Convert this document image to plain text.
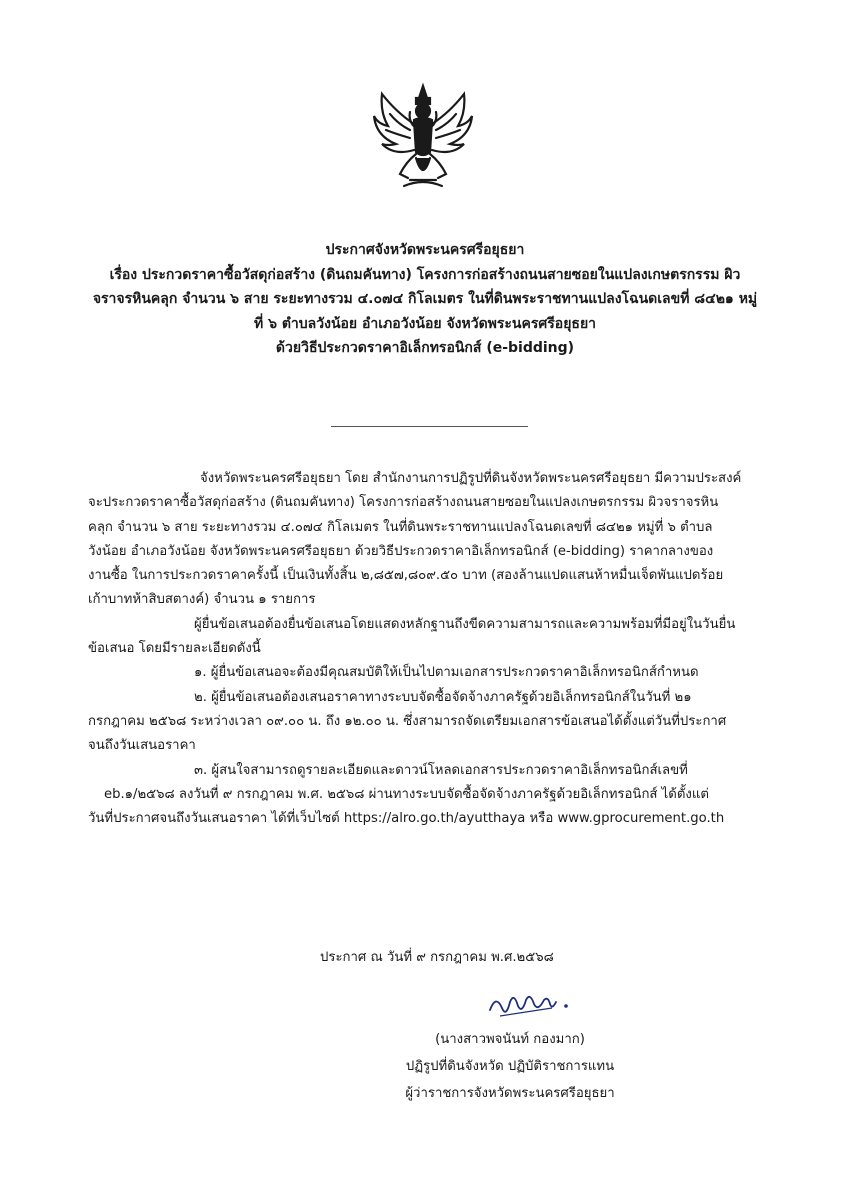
ประกาศจังหวัดพระนครศรีอยุธยา
เรื่อง ประกวดราคาซื้อวัสดุก่อสร้าง (ดินถมคันทาง) โครงการก่อสร้างถนนสายซอยในแปลงเกษตรกรรม ผิว
จราจรหินคลุก จำนวน ๖ สาย ระยะทางรวม ๔.๐๗๔ กิโลเมตร ในที่ดินพระราชทานแปลงโฉนดเลขที่ ๘๔๒๑ หมู่
ที่ ๖ ตำบลวังน้อย อำเภอวังน้อย จังหวัดพระนครศรีอยุธยา
ด้วยวิธีประกวดราคาอิเล็กทรอนิกส์ (e-bidding)
จังหวัดพระนครศรีอยุธยา โดย สำนักงานการปฏิรูปที่ดินจังหวัดพระนครศรีอยุธยา มีความประสงค์
จะประกวดราคาซื้อวัสดุก่อสร้าง (ดินถมคันทาง) โครงการก่อสร้างถนนสายซอยในแปลงเกษตรกรรม ผิวจราจรหิน
คลุก จำนวน ๖ สาย ระยะทางรวม ๔.๐๗๔ กิโลเมตร ในที่ดินพระราชทานแปลงโฉนดเลขที่ ๘๔๒๑ หมู่ที่ ๖ ตำบล
วังน้อย อำเภอวังน้อย จังหวัดพระนครศรีอยุธยา ด้วยวิธีประกวดราคาอิเล็กทรอนิกส์ (e-bidding) ราคากลางของ
งานซื้อ ในการประกวดราคาครั้งนี้ เป็นเงินทั้งสิ้น ๒,๘๕๗,๘๐๙.๕๐ บาท (สองล้านแปดแสนห้าหมื่นเจ็ดพันแปดร้อย
เก้าบาทห้าสิบสตางค์) จำนวน ๑ รายการ
ผู้ยื่นข้อเสนอต้องยื่นข้อเสนอโดยแสดงหลักฐานถึงขีดความสามารถและความพร้อมที่มีอยู่ในวันยื่น
ข้อเสนอ โดยมีรายละเอียดดังนี้
๑. ผู้ยื่นข้อเสนอจะต้องมีคุณสมบัติให้เป็นไปตามเอกสารประกวดราคาอิเล็กทรอนิกส์กำหนด
๒. ผู้ยื่นข้อเสนอต้องเสนอราคาทางระบบจัดซื้อจัดจ้างภาครัฐด้วยอิเล็กทรอนิกส์ในวันที่ ๒๑
กรกฎาคม ๒๕๖๘ ระหว่างเวลา ๐๙.๐๐ น. ถึง ๑๒.๐๐ น. ซึ่งสามารถจัดเตรียมเอกสารข้อเสนอได้ตั้งแต่วันที่ประกาศ
จนถึงวันเสนอราคา
๓. ผู้สนใจสามารถดูรายละเอียดและดาวน์โหลดเอกสารประกวดราคาอิเล็กทรอนิกส์เลขที่
eb.๑/๒๕๖๘ ลงวันที่ ๙ กรกฎาคม พ.ศ. ๒๕๖๘ ผ่านทางระบบจัดซื้อจัดจ้างภาครัฐด้วยอิเล็กทรอนิกส์ ได้ตั้งแต่
วันที่ประกาศจนถึงวันเสนอราคา ได้ที่เว็บไซต์ https://alro.go.th/ayutthaya หรือ www.gprocurement.go.th
ประกาศ ณ วันที่ ๙ กรกฎาคม พ.ศ.๒๕๖๘
(นางสาวพจนันท์ กองมาก)
ปฏิรูปที่ดินจังหวัด ปฏิบัติราชการแทน
ผู้ว่าราชการจังหวัดพระนครศรีอยุธยา
